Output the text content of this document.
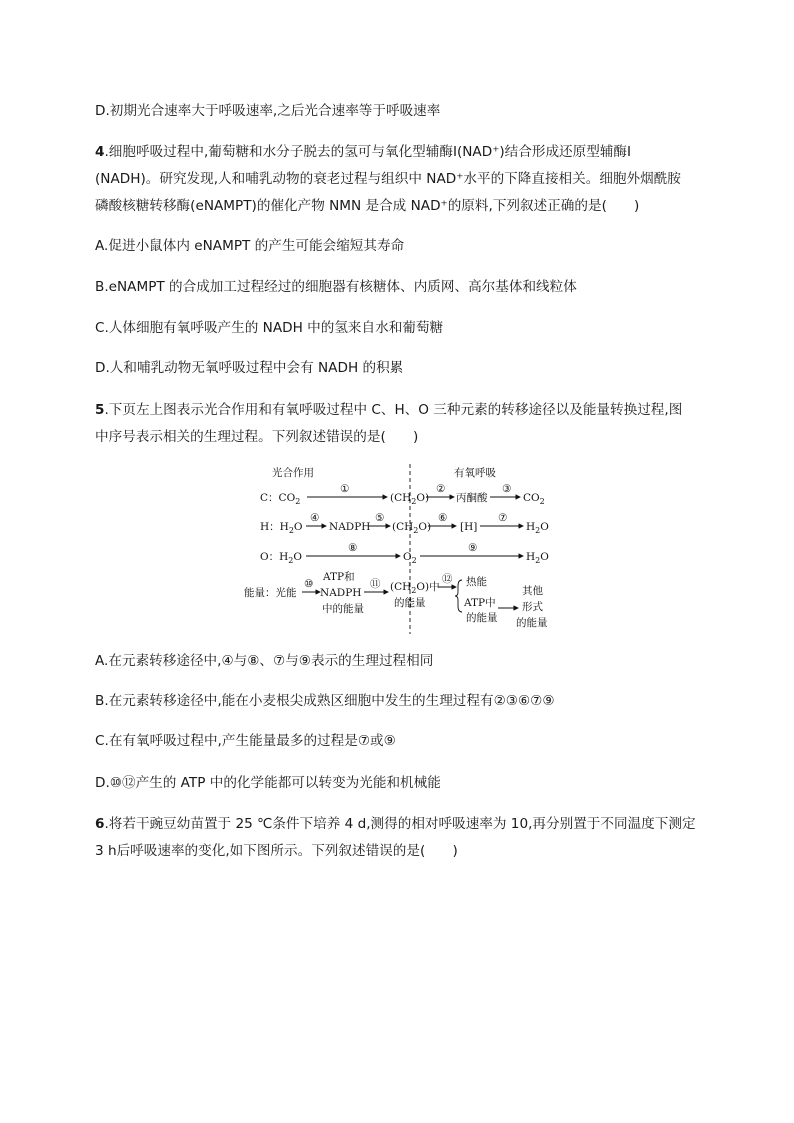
D.初期光合速率大于呼吸速率,之后光合速率等于呼吸速率
4.细胞呼吸过程中,葡萄糖和水分子脱去的氢可与氧化型辅酶Ⅰ(NAD⁺)结合形成还原型辅酶Ⅰ
(NADH)。研究发现,人和哺乳动物的衰老过程与组织中 NAD⁺水平的下降直接相关。细胞外烟酰胺
磷酸核糖转移酶(eNAMPT)的催化产物 NMN 是合成 NAD⁺的原料,下列叙述正确的是(　　)
A.促进小鼠体内 eNAMPT 的产生可能会缩短其寿命
B.eNAMPT 的合成加工过程经过的细胞器有核糖体、内质网、高尔基体和线粒体
C.人体细胞有氧呼吸产生的 NADH 中的氢来自水和葡萄糖
D.人和哺乳动物无氧呼吸过程中会有 NADH 的积累
5.下页左上图表示光合作用和有氧呼吸过程中 C、H、O 三种元素的转移途径以及能量转换过程,图
中序号表示相关的生理过程。下列叙述错误的是(　　)
光合作用	有氧呼吸
C：$CO_2$
①
$(CH_2O)$
②
丙酮酸
③
$CO_2$
H：$H_2O$
④
NADPH
⑤
$(CH_2O)$
⑥
[H]
⑦
$H_2O$
O：$H_2O$
⑧
$O_2$
⑨
$H_2O$
能量：光能
⑩
ATP和
NADPH
中的能量
⑪ $(CH_2O)$中
的能量
⑫ 热能
ATP中
的能量
其他
形式
的能量
A.在元素转移途径中,④与⑧、⑦与⑨表示的生理过程相同
B.在元素转移途径中,能在小麦根尖成熟区细胞中发生的生理过程有②③⑥⑦⑨
C.在有氧呼吸过程中,产生能量最多的过程是⑦或⑨
D.⑩⑫产生的 ATP 中的化学能都可以转变为光能和机械能
6.将若干豌豆幼苗置于 25 ℃条件下培养 4 d,测得的相对呼吸速率为 10,再分别置于不同温度下测定
3 h后呼吸速率的变化,如下图所示。下列叙述错误的是(　　)
